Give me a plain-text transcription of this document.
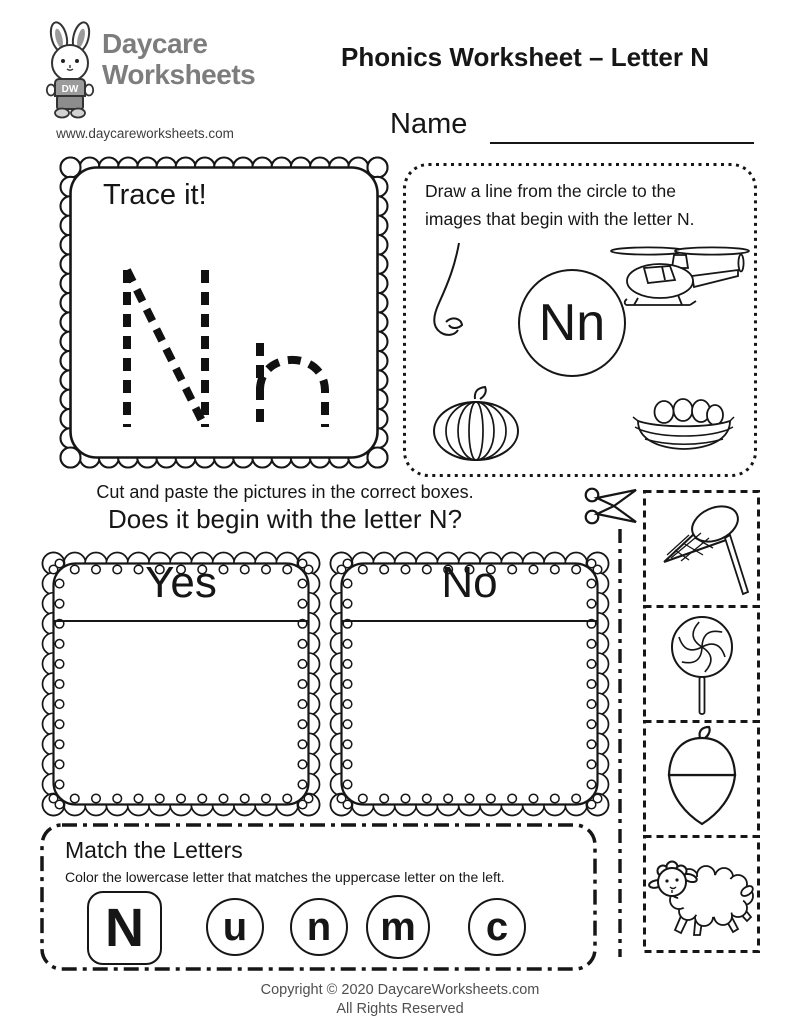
DW
Daycare
Worksheets
www.daycareworksheets.com
Phonics Worksheet – Letter N
Name
Trace it!	Draw a line from the circle to the
images that begin with the letter N.
Nn
Cut and paste the pictures in the correct boxes.
Does it begin with the letter N?
Yes	No
Match the Letters
Color the lowercase letter that matches the uppercase letter on the left.
N u n m c
Copyright © 2020 DaycareWorksheets.com
All Rights Reserved
